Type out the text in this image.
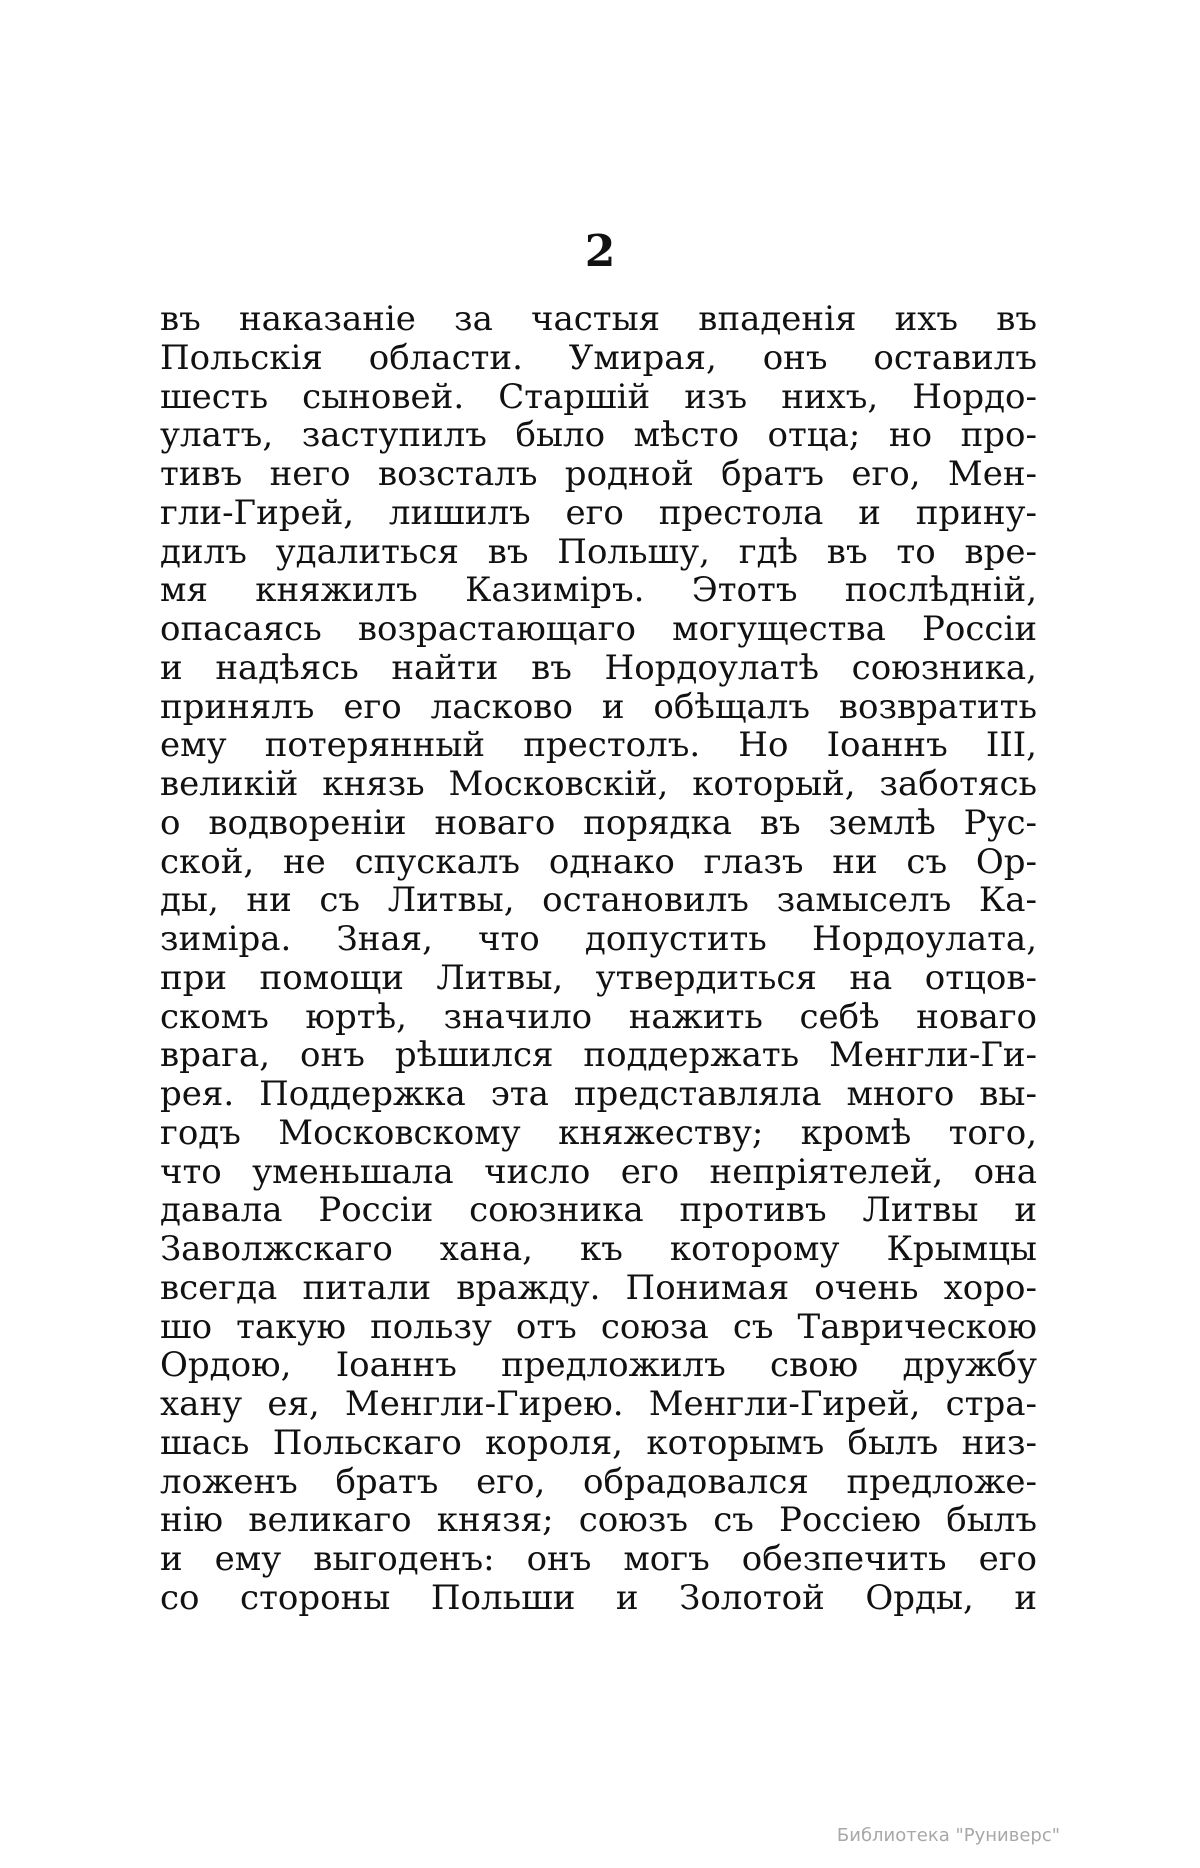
2
въ наказаніе за частыя впаденія ихъ въ
Польскія области. Умирая, онъ оставилъ
шесть сыновей. Старшій изъ нихъ, Нордо-
улатъ, заступилъ было мѣсто отца; но про-
тивъ него возсталъ родной братъ его, Мен-
гли-Гирей, лишилъ его престола и прину-
дилъ удалиться въ Польшу, гдѣ въ то вре-
мя княжилъ Казиміръ. Этотъ послѣдній,
опасаясь возрастающаго могущества Россіи
и надѣясь найти въ Нордоулатѣ союзника,
принялъ его ласково и обѣщалъ возвратить
ему потерянный престолъ. Но Іоаннъ III,
великій князь Московскій, который, заботясь
о водвореніи новаго порядка въ землѣ Рус-
ской, не спускалъ однако глазъ ни съ Ор-
ды, ни съ Литвы, остановилъ замыселъ Ка-
зиміра. Зная, что допустить Нордоулата,
при помощи Литвы, утвердиться на отцов-
скомъ юртѣ, значило нажить себѣ новаго
врага, онъ рѣшился поддержать Менгли-Ги-
рея. Поддержка эта представляла много вы-
годъ Московскому княжеству; кромѣ того,
что уменьшала число его непріятелей, она
давала Россіи союзника противъ Литвы и
Заволжскаго хана, къ которому Крымцы
всегда питали вражду. Понимая очень хоро-
шо такую пользу отъ союза съ Таврическою
Ордою, Іоаннъ предложилъ свою дружбу
хану ея, Менгли-Гирею. Менгли-Гирей, стра-
шась Польскаго короля, которымъ былъ низ-
ложенъ братъ его, обрадовался предложе-
нію великаго князя; союзъ съ Россіею былъ
и ему выгоденъ: онъ могъ обезпечить его
со стороны Польши и Золотой Орды, и
Библиотека "Руниверс"
